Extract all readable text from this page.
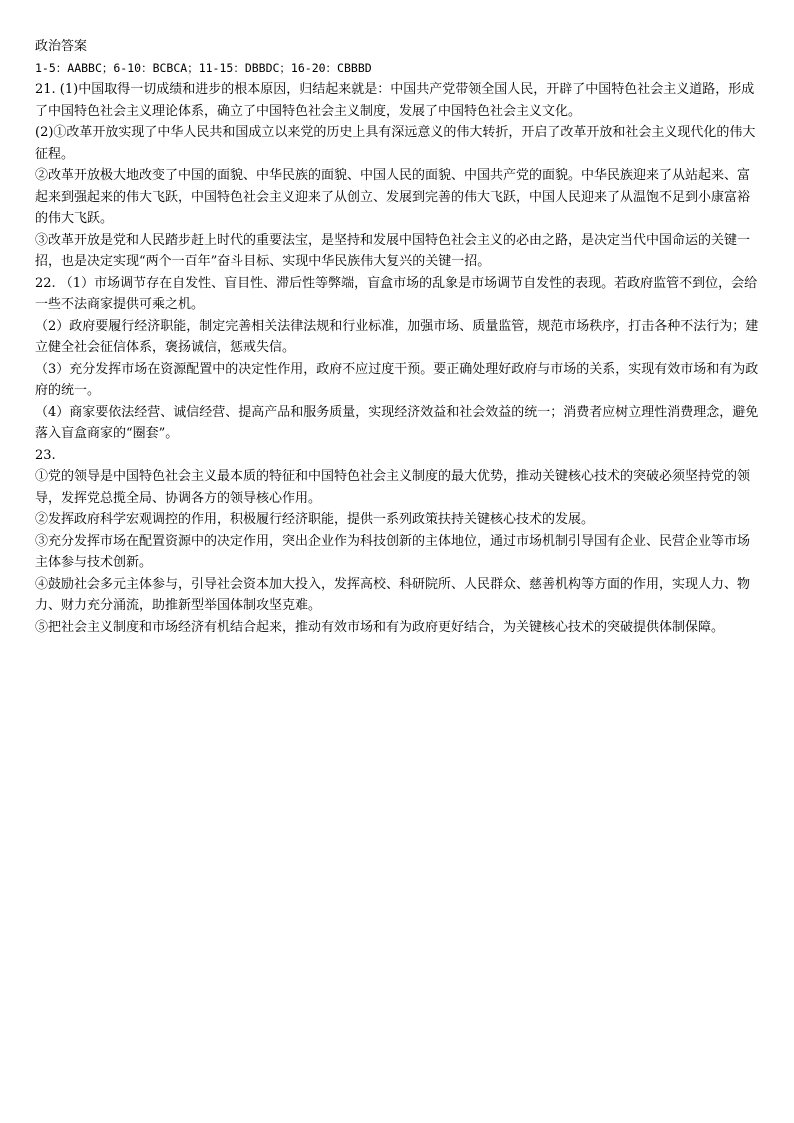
政治答案
1-5：AABBC；6-10：BCBCA；11-15：DBBDC；16-20：CBBBD
21. (1)中国取得一切成绩和进步的根本原因，归结起来就是：中国共产党带领全国人民，开辟了中国特色社会主义道路，形成了中国特色社会主义理论体系，确立了中国特色社会主义制度，发展了中国特色社会主义文化。
(2)①改革开放实现了中华人民共和国成立以来党的历史上具有深远意义的伟大转折，开启了改革开放和社会主义现代化的伟大征程。
②改革开放极大地改变了中国的面貌、中华民族的面貌、中国人民的面貌、中国共产党的面貌。中华民族迎来了从站起来、富起来到强起来的伟大飞跃，中国特色社会主义迎来了从创立、发展到完善的伟大飞跃，中国人民迎来了从温饱不足到小康富裕的伟大飞跃。
③改革开放是党和人民踏步赶上时代的重要法宝，是坚持和发展中国特色社会主义的必由之路，是决定当代中国命运的关键一招，也是决定实现“两个一百年”奋斗目标、实现中华民族伟大复兴的关键一招。
22. （1）市场调节存在自发性、盲目性、滞后性等弊端，盲盒市场的乱象是市场调节自发性的表现。若政府监管不到位，会给一些不法商家提供可乘之机。
（2）政府要履行经济职能，制定完善相关法律法规和行业标准，加强市场、质量监管，规范市场秩序，打击各种不法行为；建立健全社会征信体系，褒扬诚信，惩戒失信。
（3）充分发挥市场在资源配置中的决定性作用，政府不应过度干预。要正确处理好政府与市场的关系，实现有效市场和有为政府的统一。
（4）商家要依法经营、诚信经营、提高产品和服务质量，实现经济效益和社会效益的统一；消费者应树立理性消费理念，避免落入盲盒商家的“圈套”。
23.
①党的领导是中国特色社会主义最本质的特征和中国特色社会主义制度的最大优势，推动关键核心技术的突破必须坚持党的领导，发挥党总揽全局、协调各方的领导核心作用。
②发挥政府科学宏观调控的作用，积极履行经济职能，提供一系列政策扶持关键核心技术的发展。
③充分发挥市场在配置资源中的决定作用，突出企业作为科技创新的主体地位，通过市场机制引导国有企业、民营企业等市场主体参与技术创新。
④鼓励社会多元主体参与，引导社会资本加大投入，发挥高校、科研院所、人民群众、慈善机构等方面的作用，实现人力、物力、财力充分涌流，助推新型举国体制攻坚克难。
⑤把社会主义制度和市场经济有机结合起来，推动有效市场和有为政府更好结合，为关键核心技术的突破提供体制保障。
